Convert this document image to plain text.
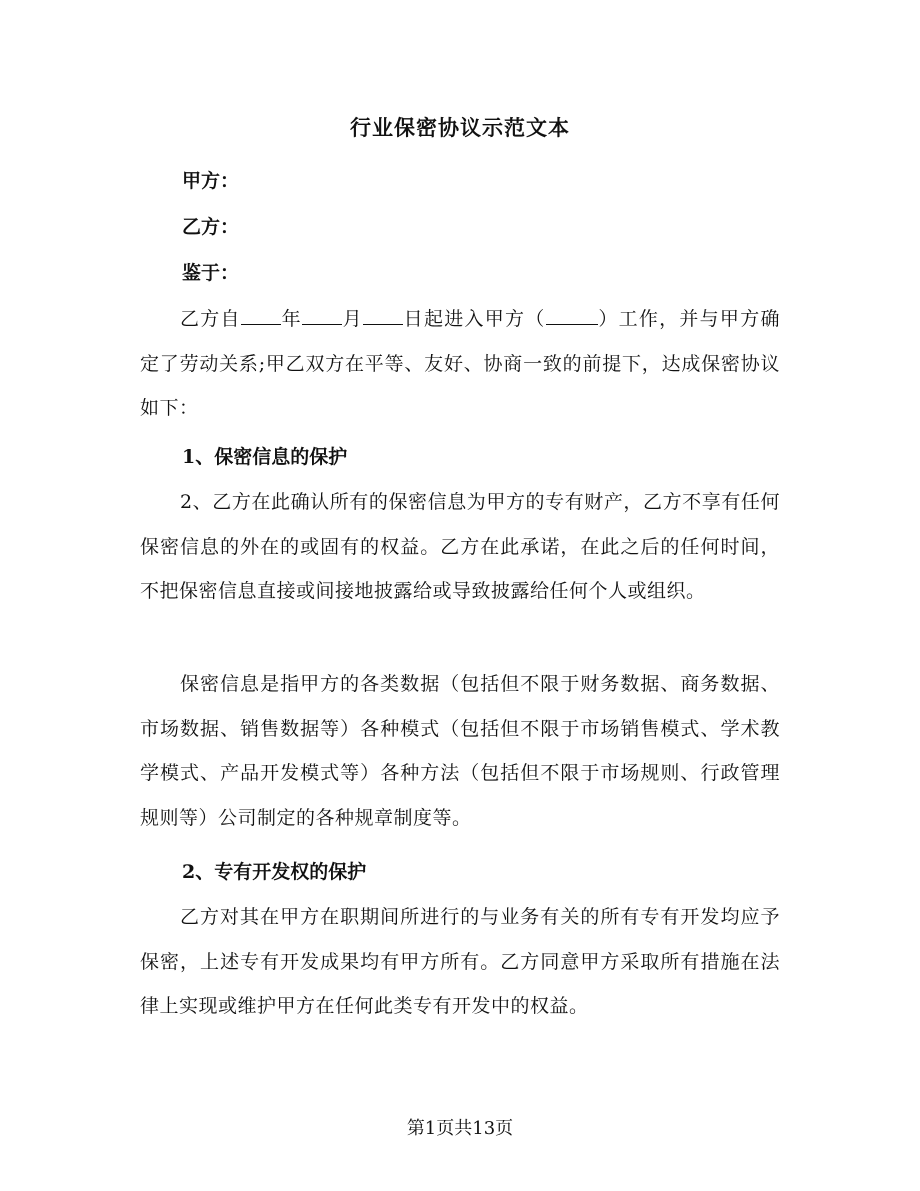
行业保密协议示范文本
甲方：
乙方：
鉴于：
乙方自 年 月 日起进入甲方（	）工作，并与甲方确定了劳动关系;甲乙双方在平等、友好、协商一致的前提下，达成保密协议如下：
1、保密信息的保护
2、乙方在此确认所有的保密信息为甲方的专有财产，乙方不享有任何保密信息的外在的或固有的权益。乙方在此承诺，在此之后的任何时间，不把保密信息直接或间接地披露给或导致披露给任何个人或组织。
保密信息是指甲方的各类数据（包括但不限于财务数据、商务数据、市场数据、销售数据等）各种模式（包括但不限于市场销售模式、学术教学模式、产品开发模式等）各种方法（包括但不限于市场规则、行政管理规则等）公司制定的各种规章制度等。
2、专有开发权的保护
乙方对其在甲方在职期间所进行的与业务有关的所有专有开发均应予保密，上述专有开发成果均有甲方所有。乙方同意甲方采取所有措施在法律上实现或维护甲方在任何此类专有开发中的权益。
第1页共13页
